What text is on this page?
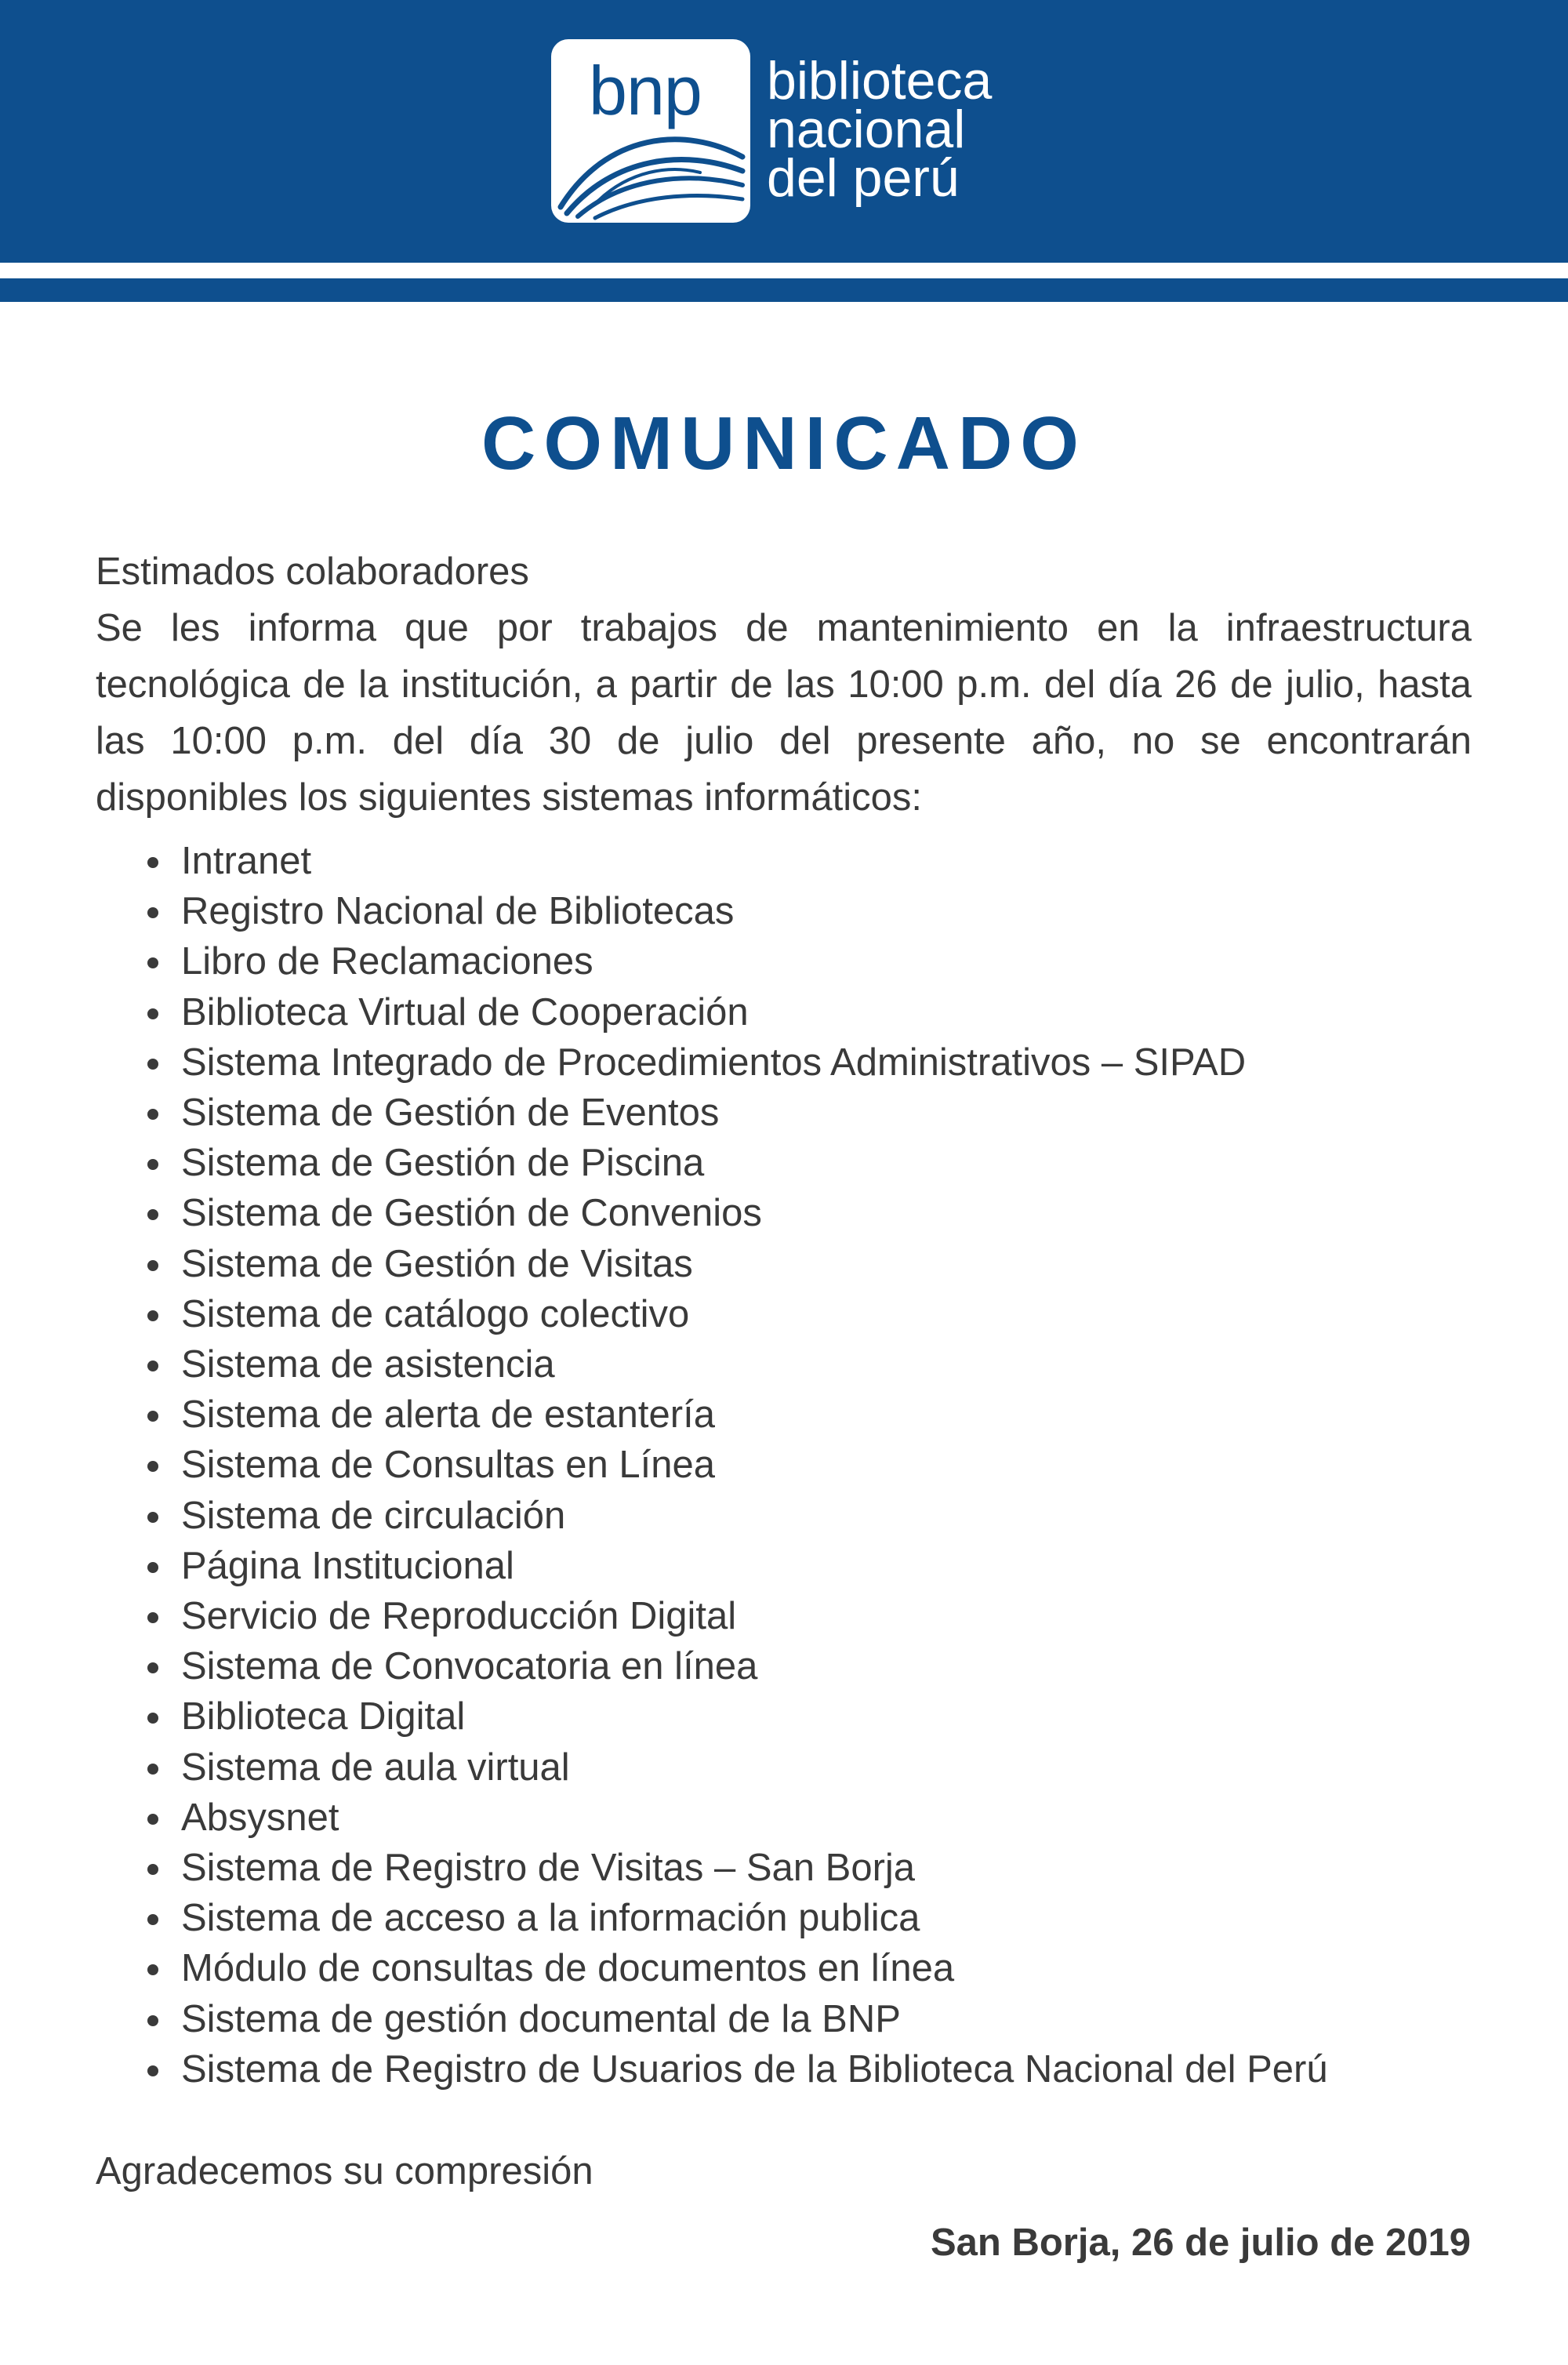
bnp biblioteca
nacional
del perú
COMUNICADO
Estimados colaboradores
Se les informa que por trabajos de mantenimiento en la infraestructura tecnológica de la institución, a partir de las 10:00 p.m. del día 26 de julio, hasta las 10:00 p.m. del día 30 de julio del presente año, no se encontrarán disponibles los siguientes sistemas informáticos:
Intranet
Registro Nacional de Bibliotecas
Libro de Reclamaciones
Biblioteca Virtual de Cooperación
Sistema Integrado de Procedimientos Administrativos – SIPAD
Sistema de Gestión de Eventos
Sistema de Gestión de Piscina
Sistema de Gestión de Convenios
Sistema de Gestión de Visitas
Sistema de catálogo colectivo
Sistema de asistencia
Sistema de alerta de estantería
Sistema de Consultas en Línea
Sistema de circulación
Página Institucional
Servicio de Reproducción Digital
Sistema de Convocatoria en línea
Biblioteca Digital
Sistema de aula virtual
Absysnet
Sistema de Registro de Visitas – San Borja
Sistema de acceso a la información publica
Módulo de consultas de documentos en línea
Sistema de gestión documental de la BNP
Sistema de Registro de Usuarios de la Biblioteca Nacional del Perú
Agradecemos su compresión
San Borja, 26 de julio de 2019
